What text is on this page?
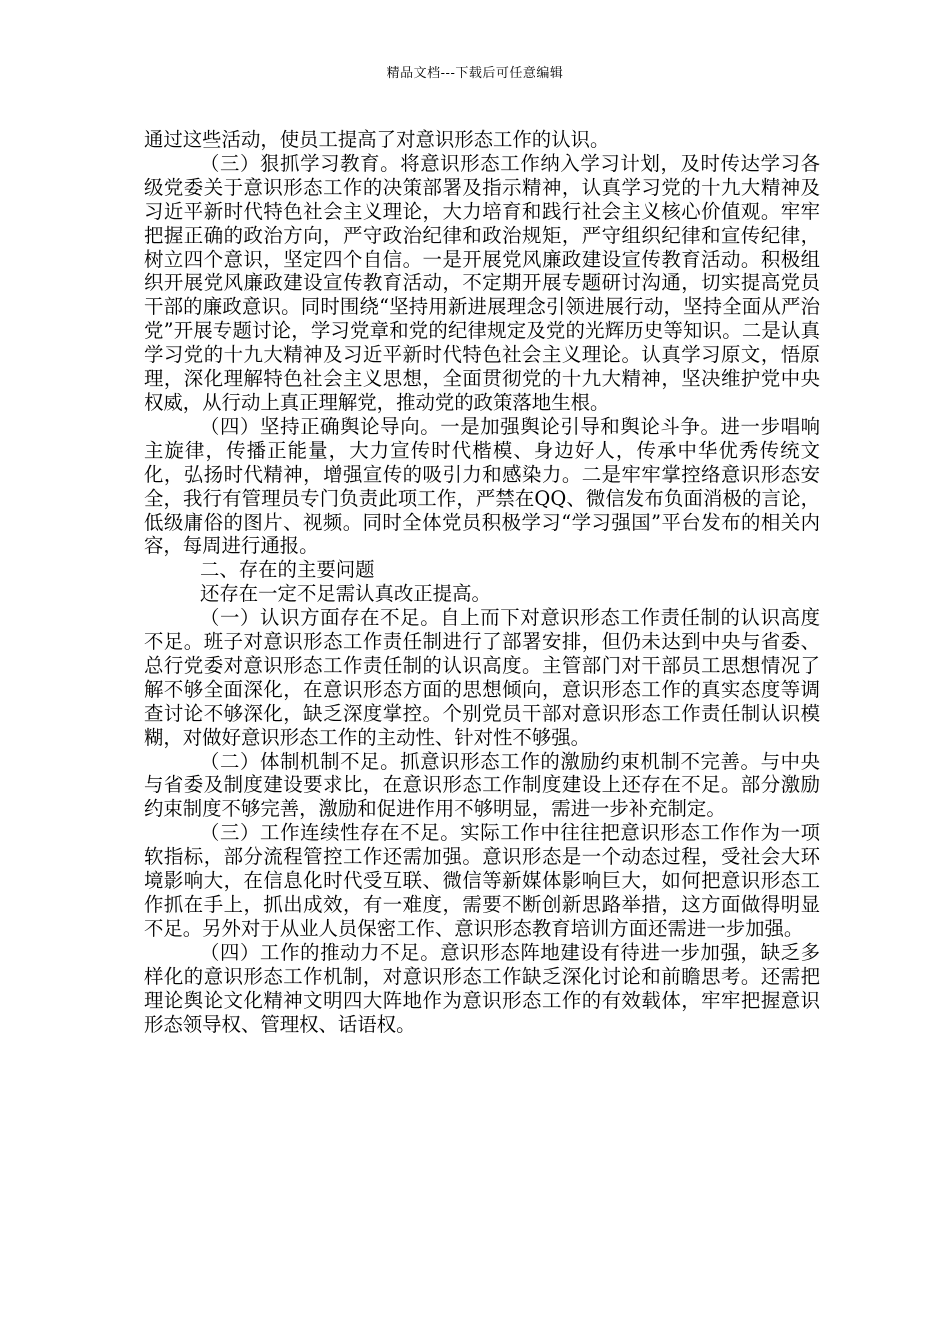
精品文档---下载后可任意编辑

通过这些活动，使员工提高了对意识形态工作的认识。

（三）狠抓学习教育。将意识形态工作纳入学习计划，及时传达学习各级党委关于意识形态工作的决策部署及指示精神，认真学习党的十九大精神及习近平新时代特色社会主义理论，大力培育和践行社会主义核心价值观。牢牢把握正确的政治方向，严守政治纪律和政治规矩，严守组织纪律和宣传纪律，树立四个意识，坚定四个自信。一是开展党风廉政建设宣传教育活动。积极组织开展党风廉政建设宣传教育活动，不定期开展专题研讨沟通，切实提高党员干部的廉政意识。同时围绕“坚持用新进展理念引领进展行动，坚持全面从严治党”开展专题讨论，学习党章和党的纪律规定及党的光辉历史等知识。二是认真学习党的十九大精神及习近平新时代特色社会主义理论。认真学习原文，悟原理，深化理解特色社会主义思想，全面贯彻党的十九大精神，坚决维护党中央权威，从行动上真正理解党，推动党的政策落地生根。

（四）坚持正确舆论导向。一是加强舆论引导和舆论斗争。进一步唱响主旋律，传播正能量，大力宣传时代楷模、身边好人，传承中华优秀传统文化，弘扬时代精神，增强宣传的吸引力和感染力。二是牢牢掌控络意识形态安全，我行有管理员专门负责此项工作，严禁在QQ、微信发布负面消极的言论，低级庸俗的图片、视频。同时全体党员积极学习“学习强国”平台发布的相关内容，每周进行通报。

二、存在的主要问题

还存在一定不足需认真改正提高。

（一）认识方面存在不足。自上而下对意识形态工作责任制的认识高度不足。班子对意识形态工作责任制进行了部署安排，但仍未达到中央与省委、总行党委对意识形态工作责任制的认识高度。主管部门对干部员工思想情况了解不够全面深化，在意识形态方面的思想倾向，意识形态工作的真实态度等调查讨论不够深化，缺乏深度掌控。个别党员干部对意识形态工作责任制认识模糊，对做好意识形态工作的主动性、针对性不够强。

（二）体制机制不足。抓意识形态工作的激励约束机制不完善。与中央与省委及制度建设要求比，在意识形态工作制度建设上还存在不足。部分激励约束制度不够完善，激励和促进作用不够明显，需进一步补充制定。

（三）工作连续性存在不足。实际工作中往往把意识形态工作作为一项软指标，部分流程管控工作还需加强。意识形态是一个动态过程，受社会大环境影响大，在信息化时代受互联、微信等新媒体影响巨大，如何把意识形态工作抓在手上，抓出成效，有一难度，需要不断创新思路举措，这方面做得明显不足。另外对于从业人员保密工作、意识形态教育培训方面还需进一步加强。

（四）工作的推动力不足。意识形态阵地建设有待进一步加强，缺乏多样化的意识形态工作机制，对意识形态工作缺乏深化讨论和前瞻思考。还需把理论舆论文化精神文明四大阵地作为意识形态工作的有效载体，牢牢把握意识形态领导权、管理权、话语权。
